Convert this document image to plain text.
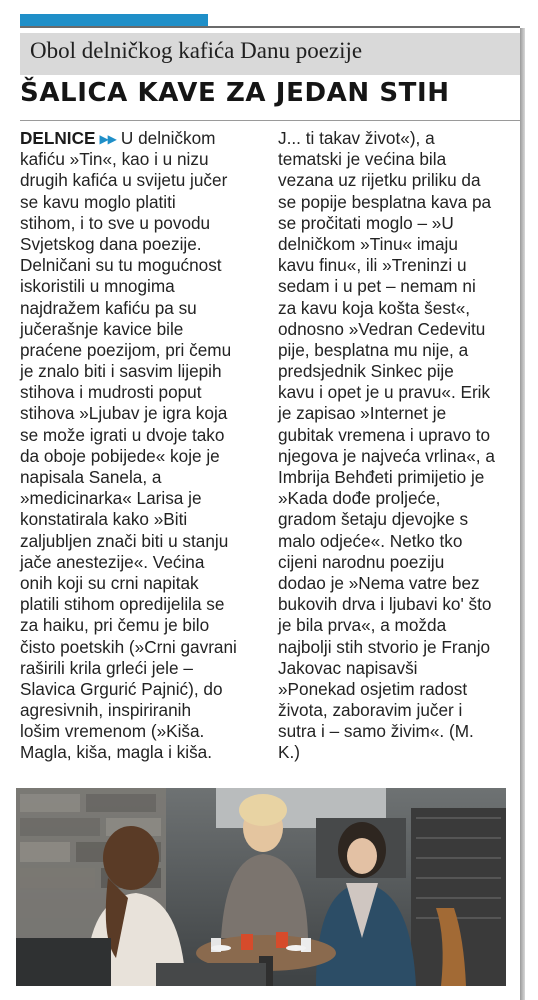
Obol delničkog kafića Danu poezije
ŠALICA KAVE ZA JEDAN STIH
DELNICE ▶▶ U delničkom
kafiću »Tin«, kao i u nizu
drugih kafića u svijetu jučer
se kavu moglo platiti
stihom, i to sve u povodu
Svjetskog dana poezije.
Delničani su tu mogućnost
iskoristili u mnogima
najdražem kafiću pa su
jučerašnje kavice bile
praćene poezijom, pri čemu
je znalo biti i sasvim lijepih
stihova i mudrosti poput
stihova »Ljubav je igra koja
se može igrati u dvoje tako
da oboje pobijede« koje je
napisala Sanela, a
»medicinarka« Larisa je
konstatirala kako »Biti
zaljubljen znači biti u stanju
jače anestezije«. Većina
onih koji su crni napitak
platili stihom opredijelila se
za haiku, pri čemu je bilo
čisto poetskih (»Crni gavrani
raširili krila grleći jele –
Slavica Grgurić Pajnić), do
agresivnih, inspiriranih
lošim vremenom (»Kiša.
Magla, kiša, magla i kiša.
J... ti takav život«), a
tematski je većina bila
vezana uz rijetku priliku da
se popije besplatna kava pa
se pročitati moglo – »U
delničkom »Tinu« imaju
kavu finu«, ili »Treninzi u
sedam i u pet – nemam ni
za kavu koja košta šest«,
odnosno »Vedran Cedevitu
pije, besplatna mu nije, a
predsjednik Sinkec pije
kavu i opet je u pravu«. Erik
je zapisao »Internet je
gubitak vremena i upravo to
njegova je najveća vrlina«, a
Imbrija Behđeti primijetio je
»Kada dođe proljeće,
gradom šetaju djevojke s
malo odjeće«. Netko tko
cijeni narodnu poeziju
dodao je »Nema vatre bez
bukovih drva i ljubavi ko' što
je bila prva«, a možda
najbolji stih stvorio je Franjo
Jakovac napisavši
»Ponekad osjetim radost
života, zaboravim jučer i
sutra i – samo živim«. (M.
K.)
